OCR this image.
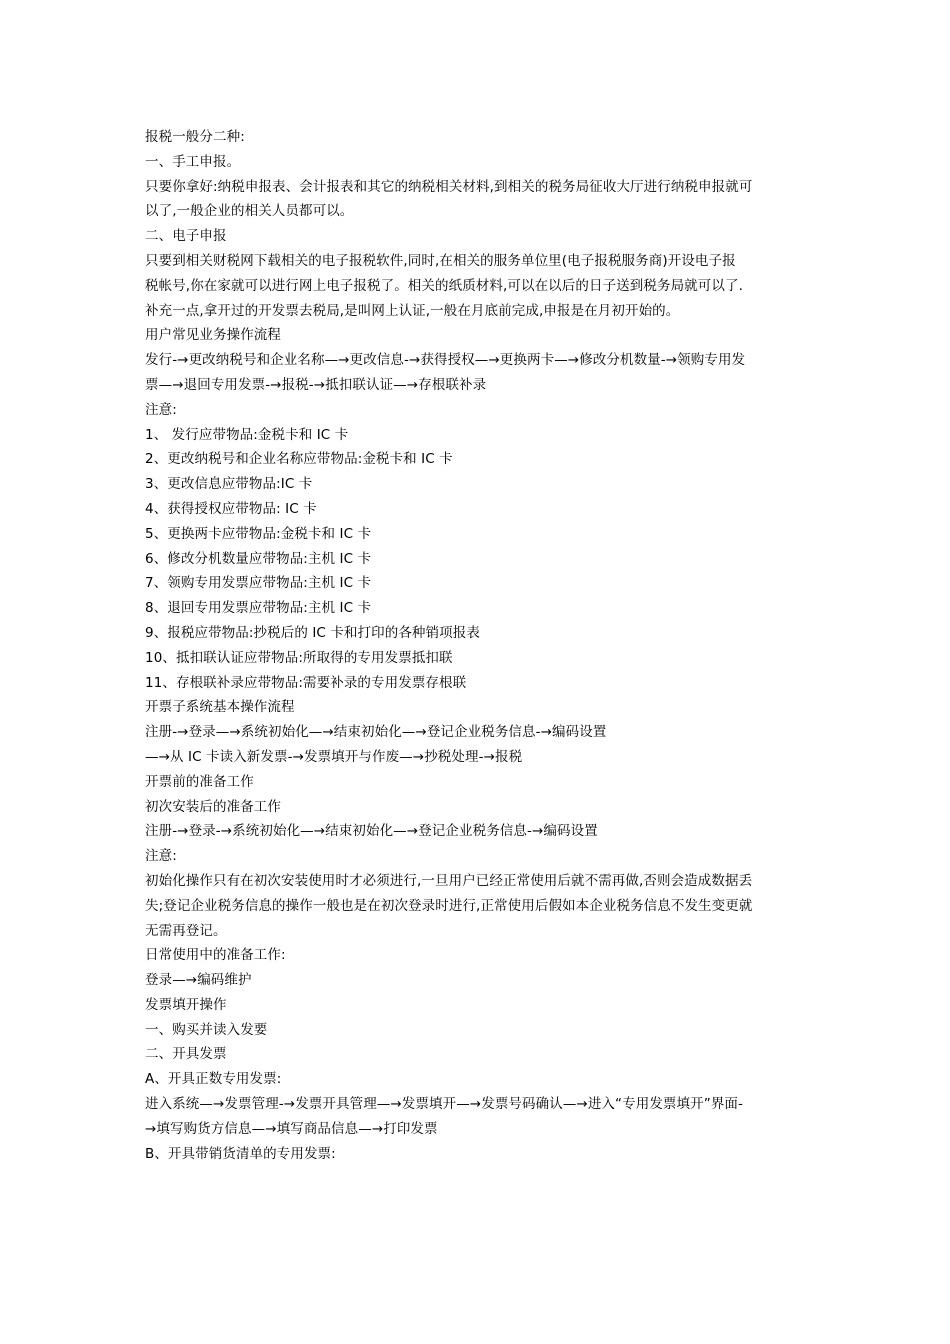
报税一般分二种:
一、手工申报。
只要你拿好:纳税申报表、会计报表和其它的纳税相关材料,到相关的税务局征收大厅进行纳税申报就可
以了,一般企业的相关人员都可以。
二、电子申报
只要到相关财税网下载相关的电子报税软件,同时,在相关的服务单位里(电子报税服务商)开设电子报
税帐号,你在家就可以进行网上电子报税了。相关的纸质材料,可以在以后的日子送到税务局就可以了.
补充一点,拿开过的开发票去税局,是叫网上认证,一般在月底前完成,申报是在月初开始的。
用户常见业务操作流程
发行-→更改纳税号和企业名称—→更改信息-→获得授权—→更换两卡—→修改分机数量-→领购专用发
票—→退回专用发票-→报税-→抵扣联认证—→存根联补录
注意:
1、 发行应带物品:金税卡和 IC 卡
2、更改纳税号和企业名称应带物品:金税卡和 IC 卡
3、更改信息应带物品:IC 卡
4、获得授权应带物品: IC 卡
5、更换两卡应带物品:金税卡和 IC 卡
6、修改分机数量应带物品:主机 IC 卡
7、领购专用发票应带物品:主机 IC 卡
8、退回专用发票应带物品:主机 IC 卡
9、报税应带物品:抄税后的 IC 卡和打印的各种销项报表
10、抵扣联认证应带物品:所取得的专用发票抵扣联
11、存根联补录应带物品:需要补录的专用发票存根联
开票子系统基本操作流程
注册-→登录—→系统初始化—→结束初始化—→登记企业税务信息-→编码设置
—→从 IC 卡读入新发票-→发票填开与作废—→抄税处理-→报税
开票前的准备工作
初次安装后的准备工作
注册-→登录-→系统初始化—→结束初始化—→登记企业税务信息-→编码设置
注意:
初始化操作只有在初次安装使用时才必须进行,一旦用户已经正常使用后就不需再做,否则会造成数据丢
失;登记企业税务信息的操作一般也是在初次登录时进行,正常使用后假如本企业税务信息不发生变更就
无需再登记。
日常使用中的准备工作:
登录—→编码维护
发票填开操作
一、购买并读入发要
二、开具发票
A、开具正数专用发票:
进入系统—→发票管理-→发票开具管理—→发票填开—→发票号码确认—→进入“专用发票填开”界面-
→填写购货方信息—→填写商品信息—→打印发票
B、开具带销货清单的专用发票:
